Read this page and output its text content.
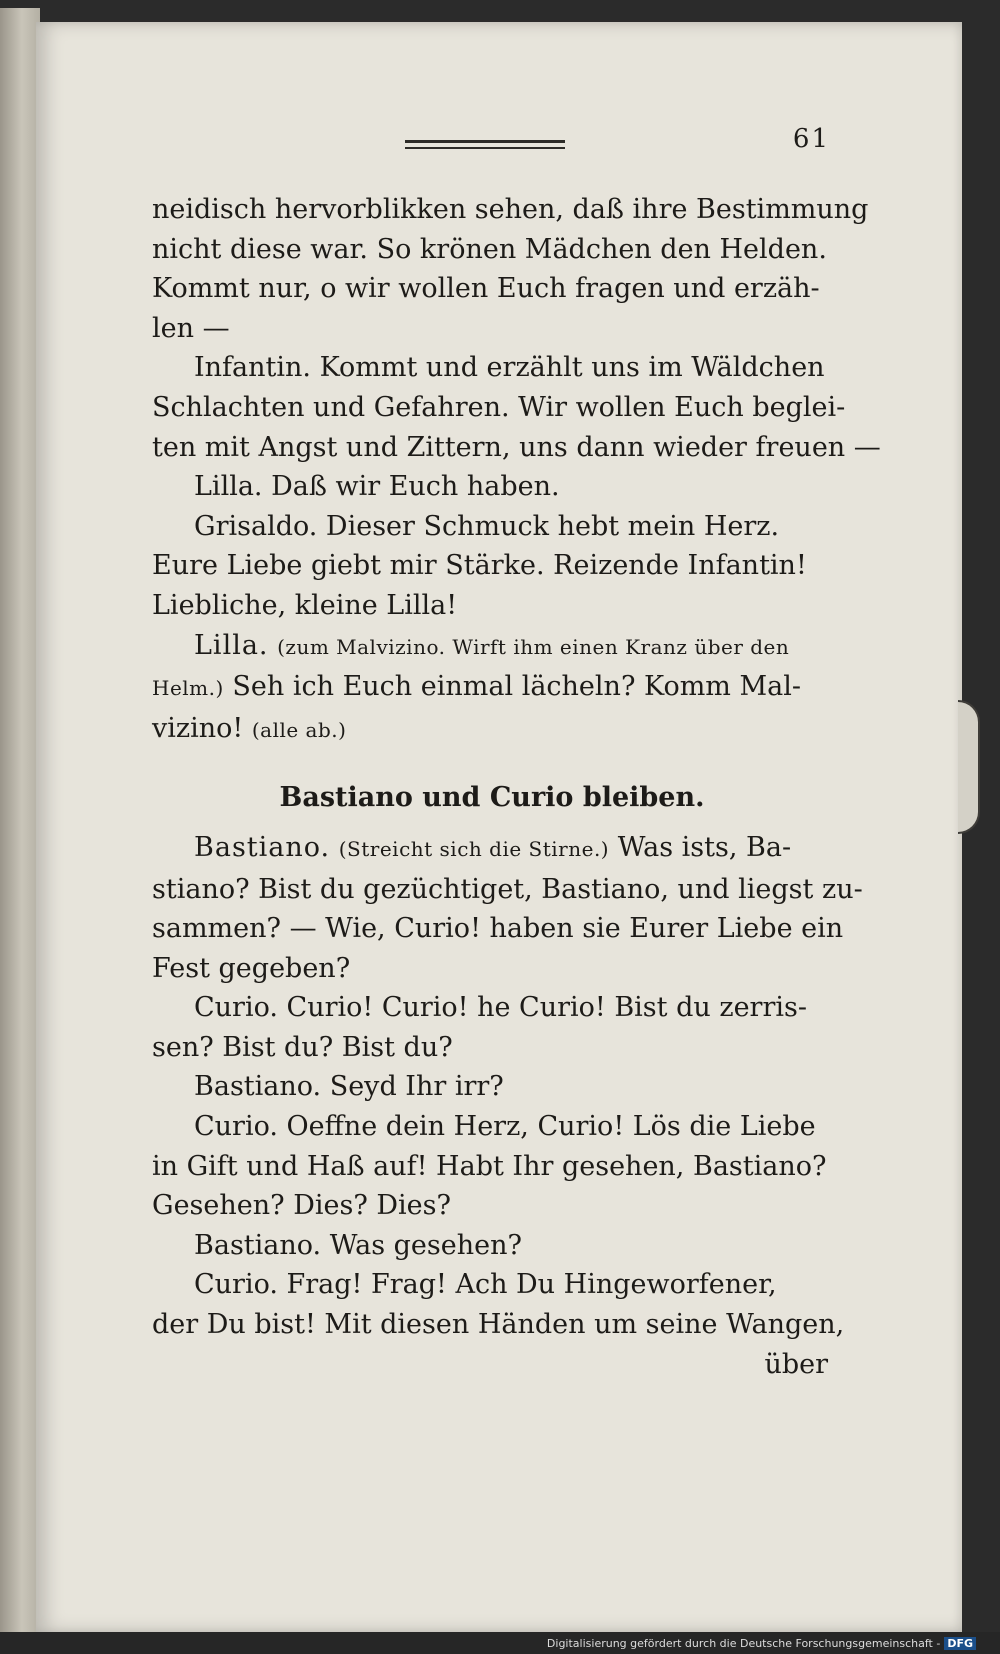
61
neidisch hervorblikken sehen, daß ihre Bestimmung
nicht diese war. So krönen Mädchen den Helden.
Kommt nur, o wir wollen Euch fragen und erzäh-
len —
Infantin. Kommt und erzählt uns im Wäldchen
Schlachten und Gefahren. Wir wollen Euch beglei-
ten mit Angst und Zittern, uns dann wieder freuen —
Lilla. Daß wir Euch haben.
Grisaldo. Dieser Schmuck hebt mein Herz.
Eure Liebe giebt mir Stärke. Reizende Infantin!
Liebliche, kleine Lilla!
Lilla. (zum Malvizino. Wirft ihm einen Kranz über den
Helm.) Seh ich Euch einmal lächeln? Komm Mal-
vizino! (alle ab.)
Bastiano und Curio bleiben.
Bastiano. (Streicht sich die Stirne.) Was ists, Ba-
stiano? Bist du gezüchtiget, Bastiano, und liegst zu-
sammen? — Wie, Curio! haben sie Eurer Liebe ein
Fest gegeben?
Curio. Curio! Curio! he Curio! Bist du zerris-
sen? Bist du? Bist du?
Bastiano. Seyd Ihr irr?
Curio. Oeffne dein Herz, Curio! Lös die Liebe
in Gift und Haß auf! Habt Ihr gesehen, Bastiano?
Gesehen? Dies? Dies?
Bastiano. Was gesehen?
Curio. Frag! Frag! Ach Du Hingeworfener,
der Du bist! Mit diesen Händen um seine Wangen,
über
Digitalisierung gefördert durch die Deutsche Forschungsgemeinschaft - DFG
